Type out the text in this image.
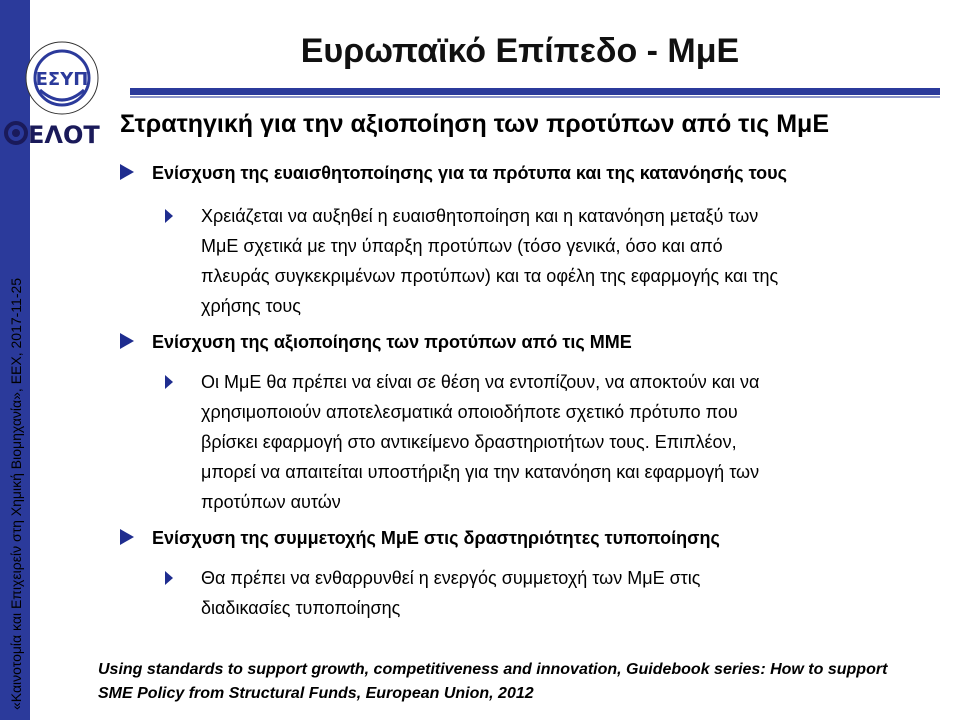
«Καινοτομία και Επιχειρείν στη Χημική Βιομηχανία», ΕΕΧ, 2017-11-25
ΕΣΥΠ
ΕΛΟΤ
Ευρωπαϊκό Επίπεδο - ΜμΕ
Στρατηγική για την αξιοποίηση των προτύπων από τις ΜμΕ
Ενίσχυση της ευαισθητοποίησης για τα πρότυπα και της κατανόησής τους
Χρειάζεται να αυξηθεί η ευαισθητοποίηση και η κατανόηση μεταξύ των
ΜμΕ σχετικά με την ύπαρξη προτύπων (τόσο γενικά, όσο και από
πλευράς συγκεκριμένων προτύπων) και τα οφέλη της εφαρμογής και της
χρήσης τους
Ενίσχυση της αξιοποίησης των προτύπων από τις ΜΜΕ
Οι ΜμΕ θα πρέπει να είναι σε θέση να εντοπίζουν, να αποκτούν και να
χρησιμοποιούν αποτελεσματικά οποιοδήποτε σχετικό πρότυπο που
βρίσκει εφαρμογή στο αντικείμενο δραστηριοτήτων τους. Επιπλέον,
μπορεί να απαιτείται υποστήριξη για την κατανόηση και εφαρμογή των
προτύπων αυτών
Ενίσχυση της συμμετοχής ΜμΕ στις δραστηριότητες τυποποίησης
Θα πρέπει να ενθαρρυνθεί η ενεργός συμμετοχή των ΜμΕ στις
διαδικασίες τυποποίησης
Using standards to support growth, competitiveness and innovation, Guidebook series: How to support
SME Policy from Structural Funds, European Union, 2012
